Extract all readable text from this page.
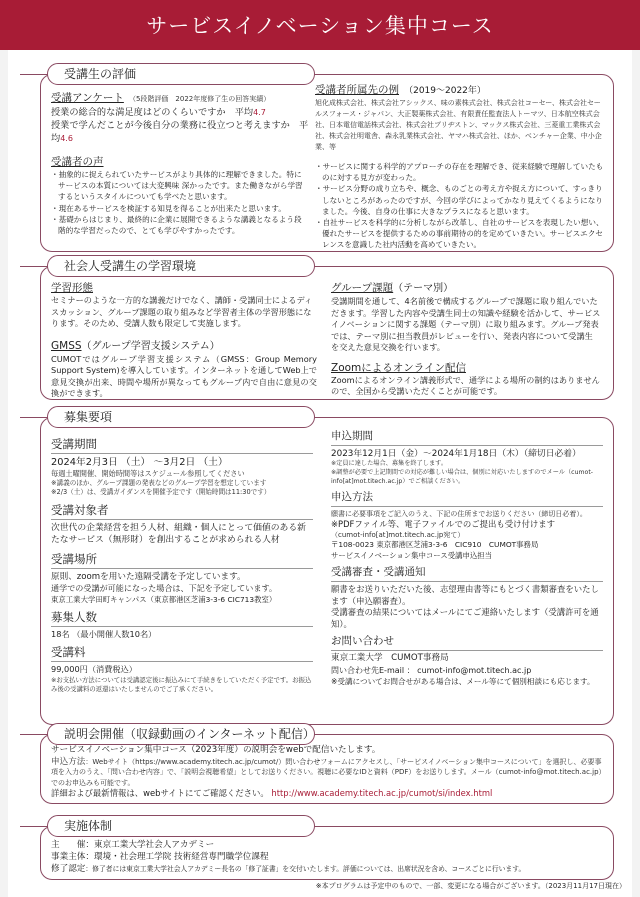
サービスイノベーション集中コース
受講生の評価

受講アンケート （5段階評価　2022年度修了生の回答実績）

授業の総合的な満足度はどのくらいですか　平均4.7

授業で学んだことが今後自分の業務に役立つと考えますか　平均4.6

受講者の声

・抽象的に捉えられていたサービスがより具体的に理解できました。特にサービスの本質については大変興味 深かったです。また働きながら学習するというスタイルについても学べたと思います。
・現在あるサービスを検証する知見を得ることが出来たと思います。
・基礎からはじまり、最終的に企業に展開できるような講義となるよう段階的な学習だったので、とても学びやすかったです。

受講者所属先の例 （2019～2022年）

旭化成株式会社、株式会社アシックス、味の素株式会社、株式会社コーセー、株式会社セールスフォース・ジャパン、大正製薬株式会社、有限責任監査法人トーマツ、日本航空株式会社、日本電信電話株式会社、株式会社ブリヂストン、マックス株式会社、三菱重工業株式会社、株式会社明電舎、森永乳業株式会社、ヤマハ株式会社、ほか、ベンチャー企業、中小企業、等

・サービスに関する科学的アプローチの存在を理解でき、従来経験で理解していたものに対する見方が変わった。
・サービス分野の成り立ちや、概念、ものごとの考え方や捉え方について、すっきりしないところがあったのですが、今回の学びによってかなり見えてくるようになりました。今後、自身の仕事に大きなプラスになると思います。
・自社サービスを科学的に分析しながら改革し、自社のサービスを表現したい想い、優れたサービスを提供するための事前期待の的を定めていきたい。サービスエクセレンスを意識した社内活動を高めていきたい。
社会人受講生の学習環境

学習形態

セミナーのような一方的な講義だけでなく、講師・受講同士によるディスカッション、グループ課題の取り組みなど学習者主体の学習形態になります。そのため、受講人数も限定して実施します。

GMSS（グループ学習支援システム）

CUMOTではグループ学習支援システム（GMSS：Group Memory Support System)を導入しています。インターネットを通してWeb上で意見交換が出来、時間や場所が異なってもグループ内で自由に意見の交換ができます。

グループ課題（テーマ別）

受講期間を通して、4名前後で構成するグループで課題に取り組んでいただきます。学習した内容や受講生同士の知識や経験を活かして、サービスイノベーションに関する課題（テーマ別）に取り組みます。グループ発表では、テーマ別に担当教員がレビューを行い、発表内容について受講生を交えた意見交換を行います。

Zoomによるオンライン配信

Zoomによるオンライン講義形式で、通学による場所の制約はありませんので、全国から受講いただくことが可能です。

募集要項

受講期間

2024年2月3日 （土） ～3月2日 （土）

毎週土曜開催、開始時間等はスケジュール参照してください

※講義のほか、グループ課題の発表などのグループ学習を想定しています

※2/3（土）は、受講ガイダンスを開催予定です（開始時間は11:30です）

受講対象者

次世代の企業経営を担う人材、組織・個人にとって価値のある新たなサービス（無形財）を創出することが求められる人材

受講場所

原則、zoomを用いた遠隔受講を予定しています。

通学での受講が可能になった場合は、下記を予定しています。

東京工業大学田町キャンパス（東京都港区芝浦3-3-6 CIC713教室）

募集人数

18名 （最小開催人数10名）

受講料

99,000円（消費税込）

※お支払い方法については受講認定後に振込みにて手続きをしていただく予定です。お振込み後の受講料の返還はいたしませんのでご了承ください。

申込期間

2023年12月1日（金）～2024年1月18日（木）（締切日必着）

※定員に達した場合、募集を終了します。

※調整が必要で上記期間での対応が難しい場合は、個別に対応いたしますのでメール（cumot-info[at]mot.titech.ac.jp）でご相談ください。

申込方法

願書に必要事項をご記入のうえ、下記の住所までお送りください（締切日必着）。

※PDFファイル等、電子ファイルでのご提出も受け付けます

（cumot-info[at]mot.titech.ac.jp宛て）

〒108-0023 東京都港区芝浦3-3-6　CIC910　CUMOT事務局

サービスイノベーション集中コース受講申込担当

受講審査・受講通知

願書をお送りいただいた後、志望理由書等にもとづく書類審査をいたします（申込願審査）。

受講審査の結果についてはメールにてご連絡いたします（受講許可を通知）。

お問い合わせ

東京工業大学　CUMOT事務局

問い合わせ先E-mail ： cumot-info@mot.titech.ac.jp

※受講についてお問合せがある場合は、メール等にて個別相談にも応じます。

説明会開催（収録動画のインターネット配信）

サービスイノベーション集中コース（2023年度）の説明会をwebで配信いたします。

申込方法：Webサイト（https://www.academy.titech.ac.jp/cumot/）問い合わせフォームにアクセスし、「サービスイノベーション集中コースについて」を選択し、必要事項を入力のうえ、「問い合わせ内容」で、「説明会視聴希望」としてお送りください。視聴に必要なIDと資料（PDF）をお送りします。メール（cumot-info@mot.titech.ac.jp）でのお申込みも可能です。

詳細および最新情報は、webサイトにてご確認ください。 http://www.academy.titech.ac.jp/cumot/si/index.html

実施体制

主　　催：東京工業大学社会人アカデミー

事業主体：環境・社会理工学院 技術経営専門職学位課程

修了認定：修了者には東京工業大学社会人アカデミー長名の「修了証書」を交付いたします。評価については、出席状況を含め、コースごとに行います。

※本プログラムは予定中のもので、一部、変更になる場合がございます。（2023月11月17日現在）
